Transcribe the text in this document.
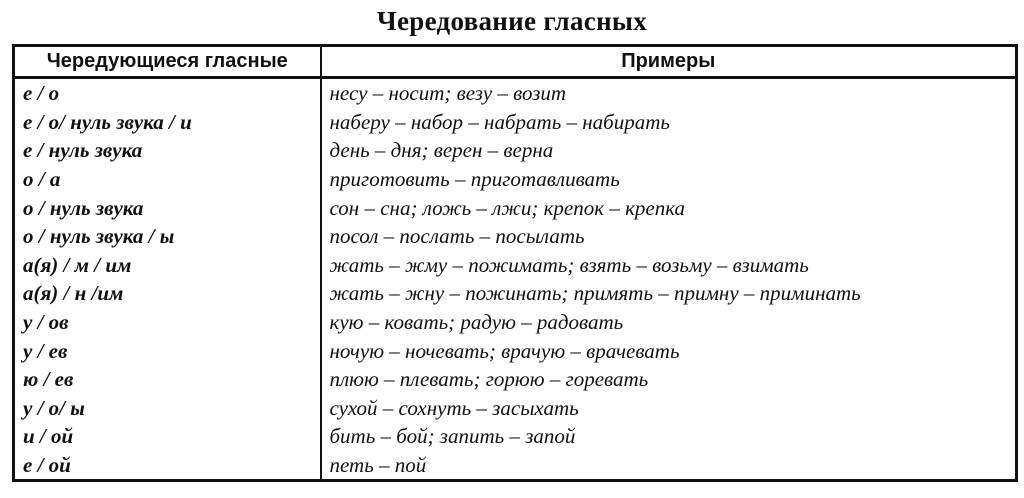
Чередование гласных
Чередующиеся гласные	Примеры
е / о	несу – носит; везу – возит
е / о/ нуль звука / и	наберу – набор – набрать – набирать
е / нуль звука	день – дня; верен – верна
о / а	приготовить – приготавливать
о / нуль звука	сон – сна; ложь – лжи; крепок – крепка
о / нуль звука / ы	посол – послать – посылать
а(я) / м / им	жать – жму – пожимать; взять – возьму – взимать
а(я) / н /им	жать – жну – пожинать; примять – примну – приминать
у / ов	кую – ковать; радую – радовать
у / ев	ночую – ночевать; врачую – врачевать
ю / ев	плюю – плевать; горюю – горевать
у / о/ ы	сухой – сохнуть – засыхать
и / ой	бить – бой; запить – запой
е / ой	петь – пой
